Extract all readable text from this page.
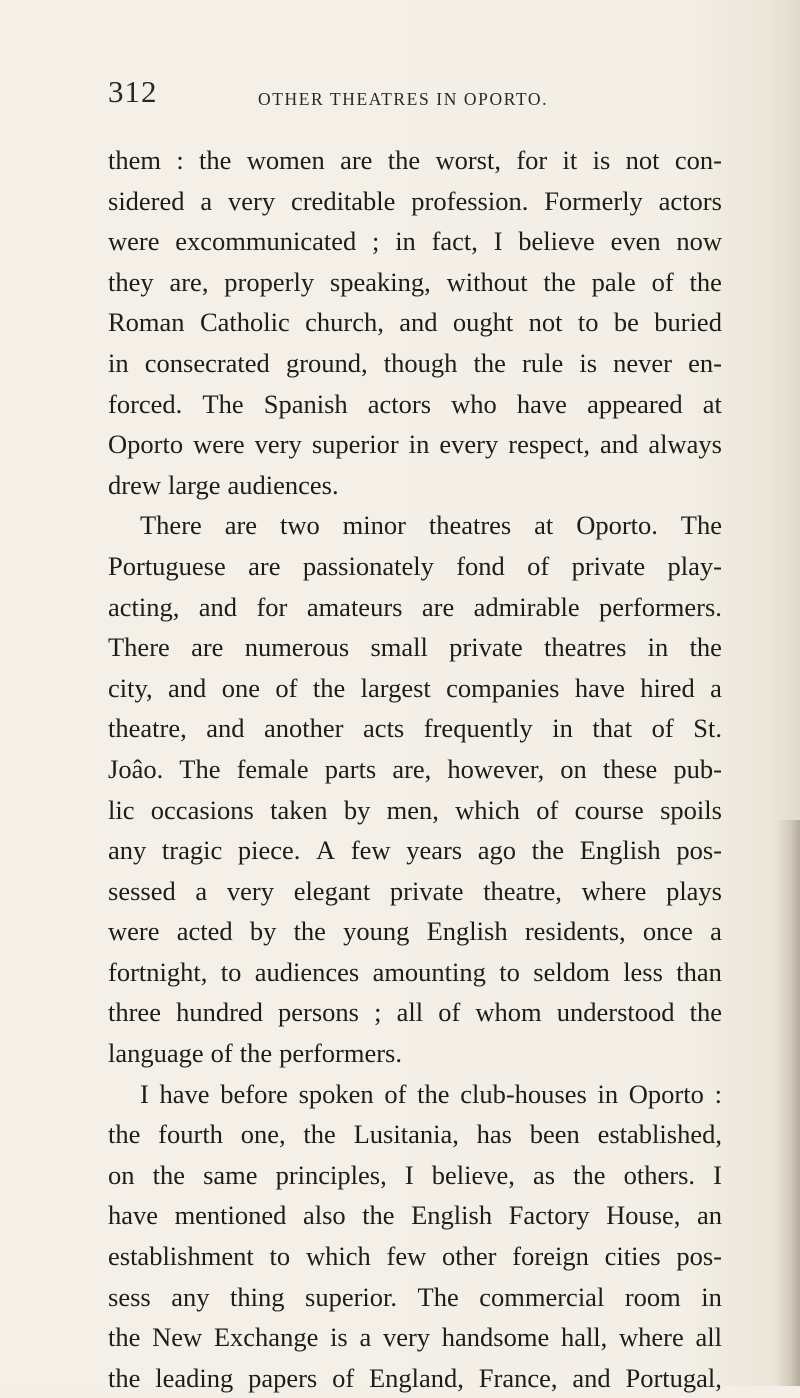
312	OTHER THEATRES IN OPORTO.
them : the women are the worst, for it is not con-
sidered a very creditable profession. Formerly actors
were excommunicated ; in fact, I believe even now
they are, properly speaking, without the pale of the
Roman Catholic church, and ought not to be buried
in consecrated ground, though the rule is never en-
forced. The Spanish actors who have appeared at
Oporto were very superior in every respect, and always
drew large audiences.
There are two minor theatres at Oporto. The
Portuguese are passionately fond of private play-
acting, and for amateurs are admirable performers.
There are numerous small private theatres in the
city, and one of the largest companies have hired a
theatre, and another acts frequently in that of St.
Joâo. The female parts are, however, on these pub-
lic occasions taken by men, which of course spoils
any tragic piece. A few years ago the English pos-
sessed a very elegant private theatre, where plays
were acted by the young English residents, once a
fortnight, to audiences amounting to seldom less than
three hundred persons ; all of whom understood the
language of the performers.
I have before spoken of the club-houses in Oporto :
the fourth one, the Lusitania, has been established,
on the same principles, I believe, as the others. I
have mentioned also the English Factory House, an
establishment to which few other foreign cities pos-
sess any thing superior. The commercial room in
the New Exchange is a very handsome hall, where all
the leading papers of England, France, and Portugal,
